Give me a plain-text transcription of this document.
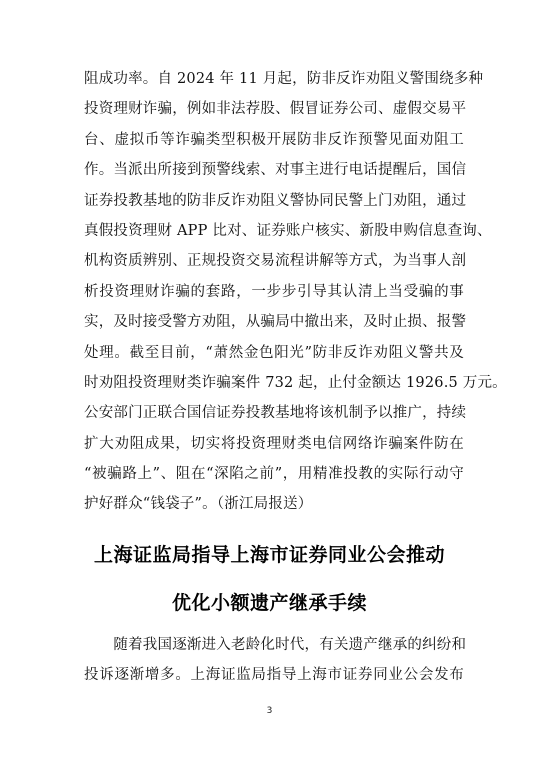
阻成功率。自 2024 年 11 月起，防非反诈劝阻义警围绕多种
投资理财诈骗，例如非法荐股、假冒证券公司、虚假交易平
台、虚拟币等诈骗类型积极开展防非反诈预警见面劝阻工
作。当派出所接到预警线索、对事主进行电话提醒后，国信
证券投教基地的防非反诈劝阻义警协同民警上门劝阻，通过
真假投资理财 APP 比对、证券账户核实、新股申购信息查询、
机构资质辨别、正规投资交易流程讲解等方式，为当事人剖
析投资理财诈骗的套路，一步步引导其认清上当受骗的事
实，及时接受警方劝阻，从骗局中撤出来，及时止损、报警
处理。截至目前，“萧然金色阳光”防非反诈劝阻义警共及
时劝阻投资理财类诈骗案件 732 起，止付金额达 1926.5 万元。
公安部门正联合国信证券投教基地将该机制予以推广，持续
扩大劝阻成果，切实将投资理财类电信网络诈骗案件防在
“被骗路上”、阻在“深陷之前”，用精准投教的实际行动守
护好群众“钱袋子”。（浙江局报送）
上海证监局指导上海市证券同业公会推动
优化小额遗产继承手续
　　随着我国逐渐进入老龄化时代，有关遗产继承的纠纷和
投诉逐渐增多。上海证监局指导上海市证券同业公会发布
3
